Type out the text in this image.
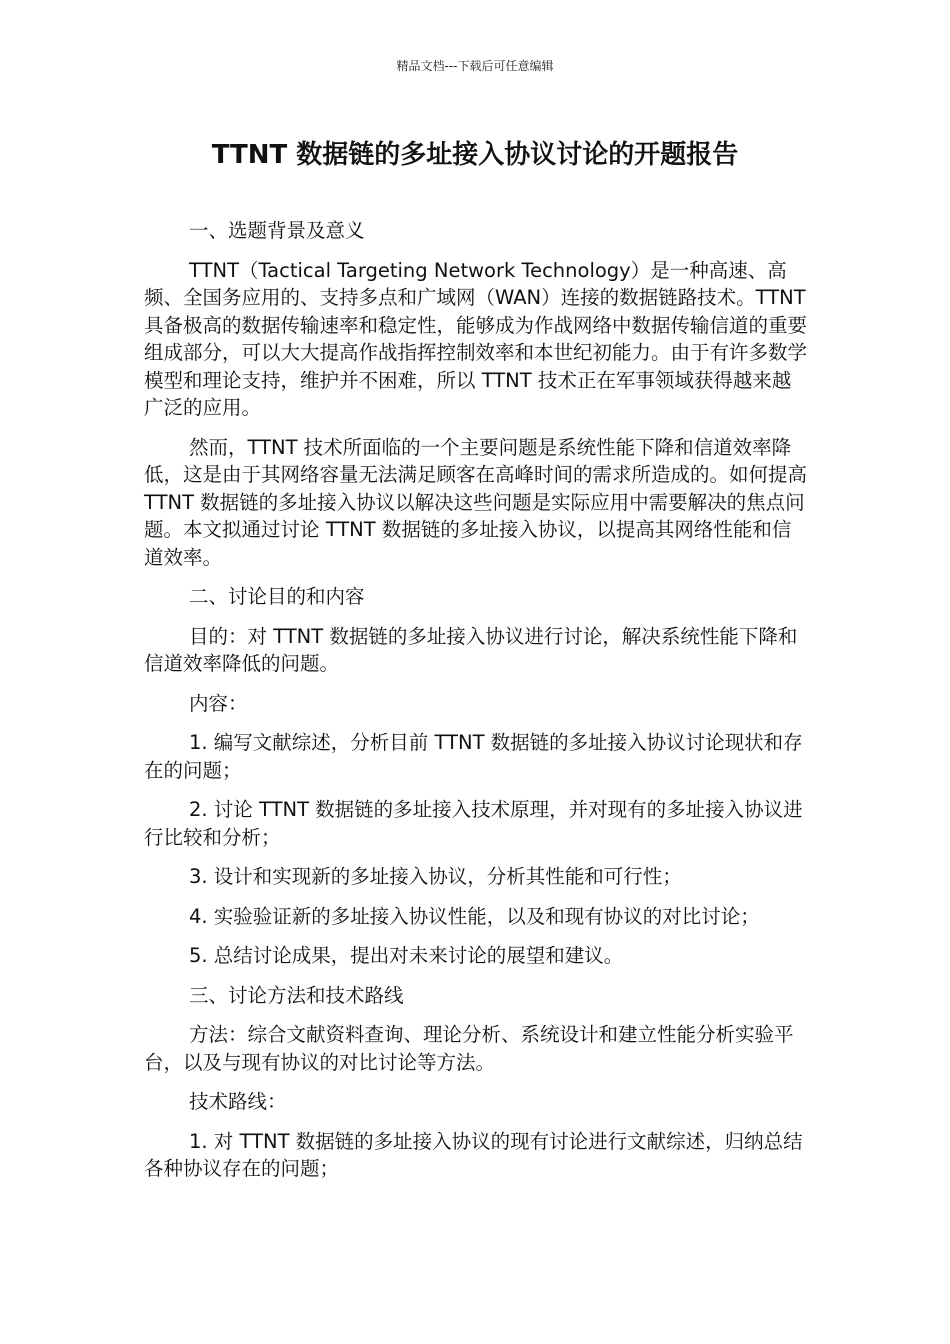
精品文档---下载后可任意编辑
TTNT 数据链的多址接入协议讨论的开题报告

一、选题背景及意义

TTNT（Tactical Targeting Network Technology）是一种高速、高频、全国务应用的、支持多点和广域网（WAN）连接的数据链路技术。TTNT 具备极高的数据传输速率和稳定性，能够成为作战网络中数据传输信道的重要组成部分，可以大大提高作战指挥控制效率和本世纪初能力。由于有许多数学模型和理论支持，维护并不困难，所以 TTNT 技术正在军事领域获得越来越广泛的应用。

然而，TTNT 技术所面临的一个主要问题是系统性能下降和信道效率降低，这是由于其网络容量无法满足顾客在高峰时间的需求所造成的。如何提高 TTNT 数据链的多址接入协议以解决这些问题是实际应用中需要解决的焦点问题。本文拟通过讨论 TTNT 数据链的多址接入协议，以提高其网络性能和信道效率。

二、讨论目的和内容

目的：对 TTNT 数据链的多址接入协议进行讨论，解决系统性能下降和信道效率降低的问题。

内容：

1. 编写文献综述，分析目前 TTNT 数据链的多址接入协议讨论现状和存在的问题；

2. 讨论 TTNT 数据链的多址接入技术原理，并对现有的多址接入协议进行比较和分析；

3. 设计和实现新的多址接入协议，分析其性能和可行性；

4. 实验验证新的多址接入协议性能，以及和现有协议的对比讨论；

5. 总结讨论成果，提出对未来讨论的展望和建议。

三、讨论方法和技术路线

方法：综合文献资料查询、理论分析、系统设计和建立性能分析实验平台，以及与现有协议的对比讨论等方法。

技术路线：

1. 对 TTNT 数据链的多址接入协议的现有讨论进行文献综述，归纳总结各种协议存在的问题；
